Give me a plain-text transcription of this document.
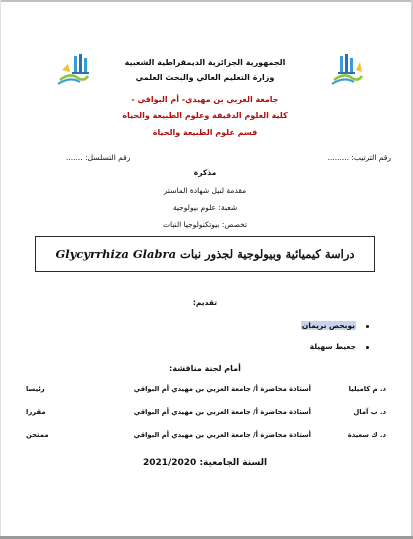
الجمهورية الجزائرية الديمقراطية الشعبية
وزارة التعليم العالي والبحث العلمي
جامعة العربي بن مهيدي- أم البواقي -
كلية العلوم الدقيقة وعلوم الطبيعة والحياة
قسم علوم الطبيعة والحياة
رقم الترتيب: .........
رقم التسلسل: .......
مذكرة
مقدمة لنيل شهادة الماستر
شعبة: علوم بيولوجية
تخصص: بيوتكنولوجيا النبات
دراسة كيميائية وبيولوجية لجذور نبات
Glycyrrhiza Glabra
تقديم:
بوبحص نريمان
جعيط سهيلة
أمام لجنة مناقشة:
د. م كاميليا
أستاذة محاضرة أ/ جامعة العربي بن مهيدي أم البواقي
رئيسا
د. ب آمال
أستاذة محاضرة أ/ جامعة العربي بن مهيدي أم البواقي
مقررا
د. ك سعيدة
أستاذة محاضرة أ/ جامعة العربي بن مهيدي أم البواقي
ممتحن
السنة الجامعية: 2021/2020
